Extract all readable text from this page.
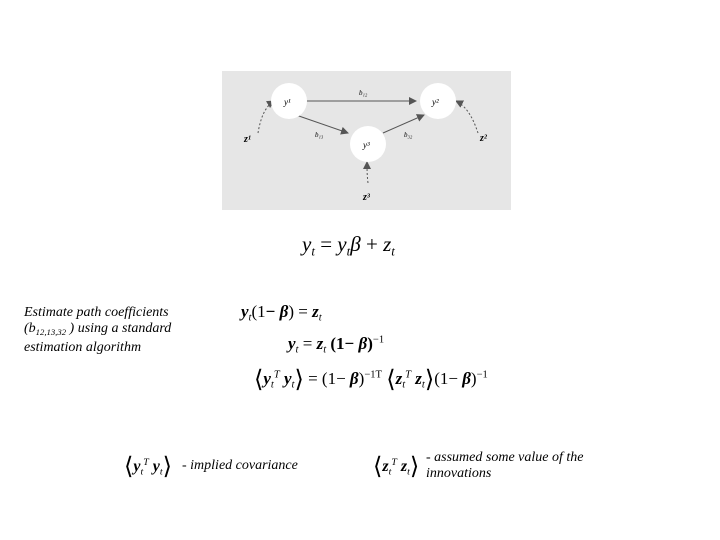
y¹	y²
y³
b₁₂
b₁₃	b₃₂
z¹	z²
z³
$y_t = y_t\beta + z_t$
$y_t(1- \beta) = z_t$
$y_t = z_t$ $(1- \beta)^{-1}$
$⟨y_t^T$ $y_t⟩ = (1- \beta)^{-1T}$ $⟨z_t^T$ $z_t⟩(1- \beta)^{-1}$
Estimate path coefficients
($b_{12,13,32}$ ) using a standard
estimation algorithm
$⟨y_t^T$ $y_t⟩$ - implied covariance	$⟨z_t^T$ $z_t⟩$ - assumed some value of the
innovations
